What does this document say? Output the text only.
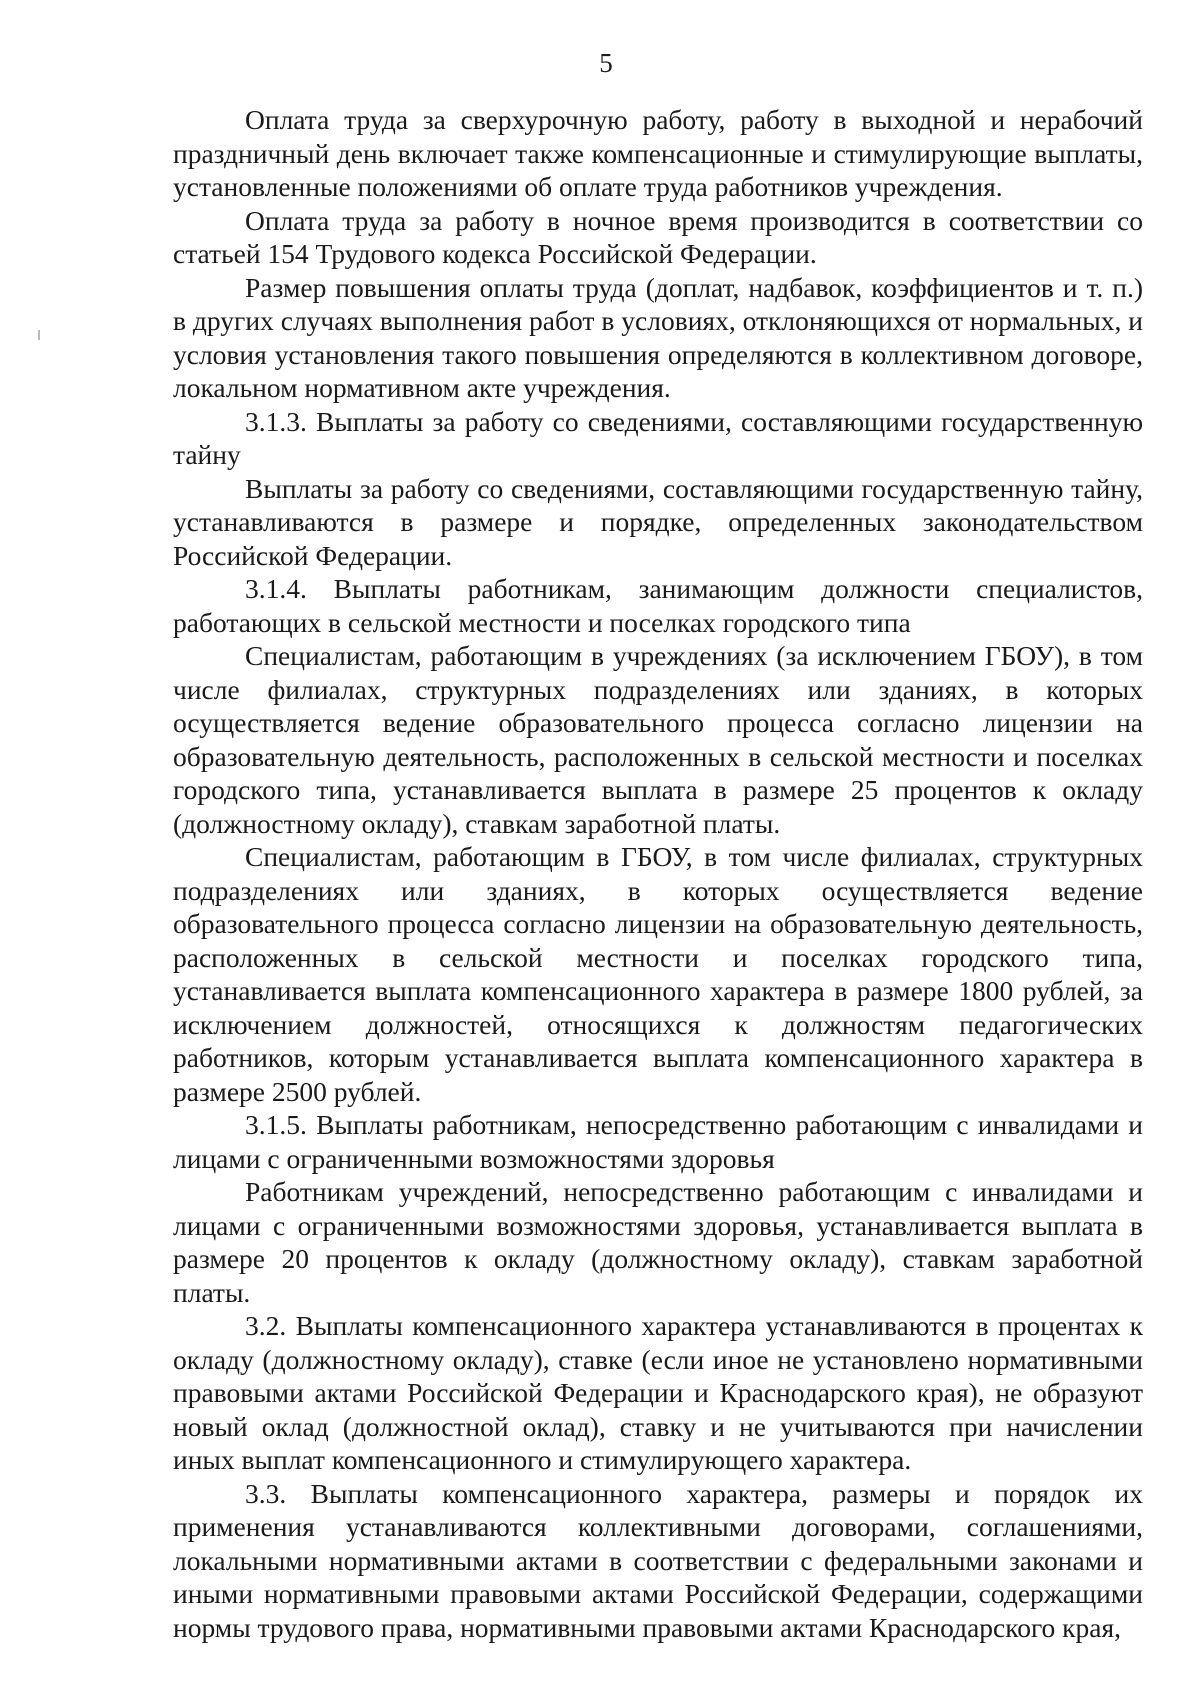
5

Оплата труда за сверхурочную работу, работу в выходной и нерабочий праздничный день включает также компенсационные и стимулирующие выплаты, установленные положениями об оплате труда работников учреждения.

Оплата труда за работу в ночное время производится в соответствии со статьей 154 Трудового кодекса Российской Федерации.

Размер повышения оплаты труда (доплат, надбавок, коэффициентов и т. п.) в других случаях выполнения работ в условиях, отклоняющихся от нормальных, и условия установления такого повышения определяются в коллективном договоре, локальном нормативном акте учреждения.

3.1.3. Выплаты за работу со сведениями, составляющими государственную тайну

Выплаты за работу со сведениями, составляющими государственную тайну, устанавливаются в размере и порядке, определенных законодательством Российской Федерации.

3.1.4. Выплаты работникам, занимающим должности специалистов, работающих в сельской местности и поселках городского типа

Специалистам, работающим в учреждениях (за исключением ГБОУ), в том числе филиалах, структурных подразделениях или зданиях, в которых осуществляется ведение образовательного процесса согласно лицензии на образовательную деятельность, расположенных в сельской местности и поселках городского типа, устанавливается выплата в размере 25 процентов к окладу (должностному окладу), ставкам заработной платы.

Специалистам, работающим в ГБОУ, в том числе филиалах, структурных подразделениях или зданиях, в которых осуществляется ведение образовательного процесса согласно лицензии на образовательную деятельность, расположенных в сельской местности и поселках городского типа, устанавливается выплата компенсационного характера в размере 1800 рублей, за исключением должностей, относящихся к должностям педагогических работников, которым устанавливается выплата компенсационного характера в размере 2500 рублей.

3.1.5. Выплаты работникам, непосредственно работающим с инвалидами и лицами с ограниченными возможностями здоровья

Работникам учреждений, непосредственно работающим с инвалидами и лицами с ограниченными возможностями здоровья, устанавливается выплата в размере 20 процентов к окладу (должностному окладу), ставкам заработной платы.

3.2. Выплаты компенсационного характера устанавливаются в процентах к окладу (должностному окладу), ставке (если иное не установлено нормативными правовыми актами Российской Федерации и Краснодарского края), не образуют новый оклад (должностной оклад), ставку и не учитываются при начислении иных выплат компенсационного и стимулирующего характера.

3.3. Выплаты компенсационного характера, размеры и порядок их применения устанавливаются коллективными договорами, соглашениями, локальными нормативными актами в соответствии с федеральными законами и иными нормативными правовыми актами Российской Федерации, содержащими нормы трудового права, нормативными правовыми актами Краснодарского края,
